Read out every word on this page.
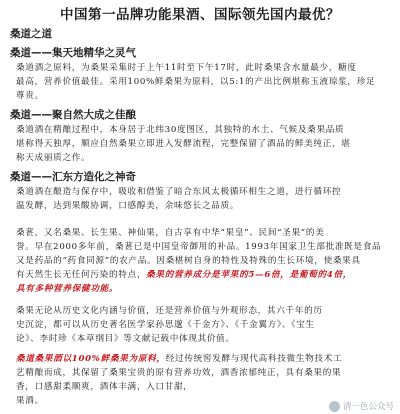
中国第一品牌功能果酒、国际领先国内最优？
桑道之道
桑道——集天地精华之灵气
桑道酒之原料，为桑果采集时于上午11时至下午17时，此时桑果含水量最少，糖度
最高，营养价值最佳。采用100%鲜桑果为原料，以5:1的产出比例堪称玉液琼浆，珍足
尊贵。
桑道——聚自然大成之佳酿
桑道酒在精酿过程中，本身居于北纬30度图区，其独特的水土、气候及桑果品质
堪称得天独厚，顺应自然桑果立即进入发酵流程，完整保留了酒品的鲜美纯正，堪
称天成丽质之作。
桑道——汇东方造化之神奇
桑道酒在酿造与保存中，吸收和借鉴了暗合东风太极循环相生之道，进行循环控
温发酵，达到果酸协调，口感醇美，余味悠长之品质。
桑葚，又名桑果、长生果、神仙果，自古享有中华“果皇”、民间“圣果”的美
誉。早在2000多年前，桑葚已是中国皇帝御用的补品。1993年国家卫生部批准既是食品
又是药品的“药食同源”的农产品。因桑椹树自身的特性及特殊的生长环境，使桑果具
有天然生长无任何污染的特点，桑果的营养成分是苹果的5—6倍，是葡萄的4倍，
具有多种营养保健功能。
桑果无论从历史文化内涵与价值，还是营养价值与外观形态，其六千年的历
史沉淀，都可以从历史著名医学家孙思邈《千金方》、《千金翼方》、《宝生
论》、李时珍《本草纲目》等文献记载中体现其价值。
桑道桑果酒以100%鲜桑果为原料，经过传统窖发酵与现代高科技微生物技术工
艺精酿而成，其保留了桑果宝贵的原有营养功效，酒香浓郁纯正，具有桑果的果
香，口感甜柔顺爽，酒体丰满，入口甘甜，
果酒。
清一色公众号
